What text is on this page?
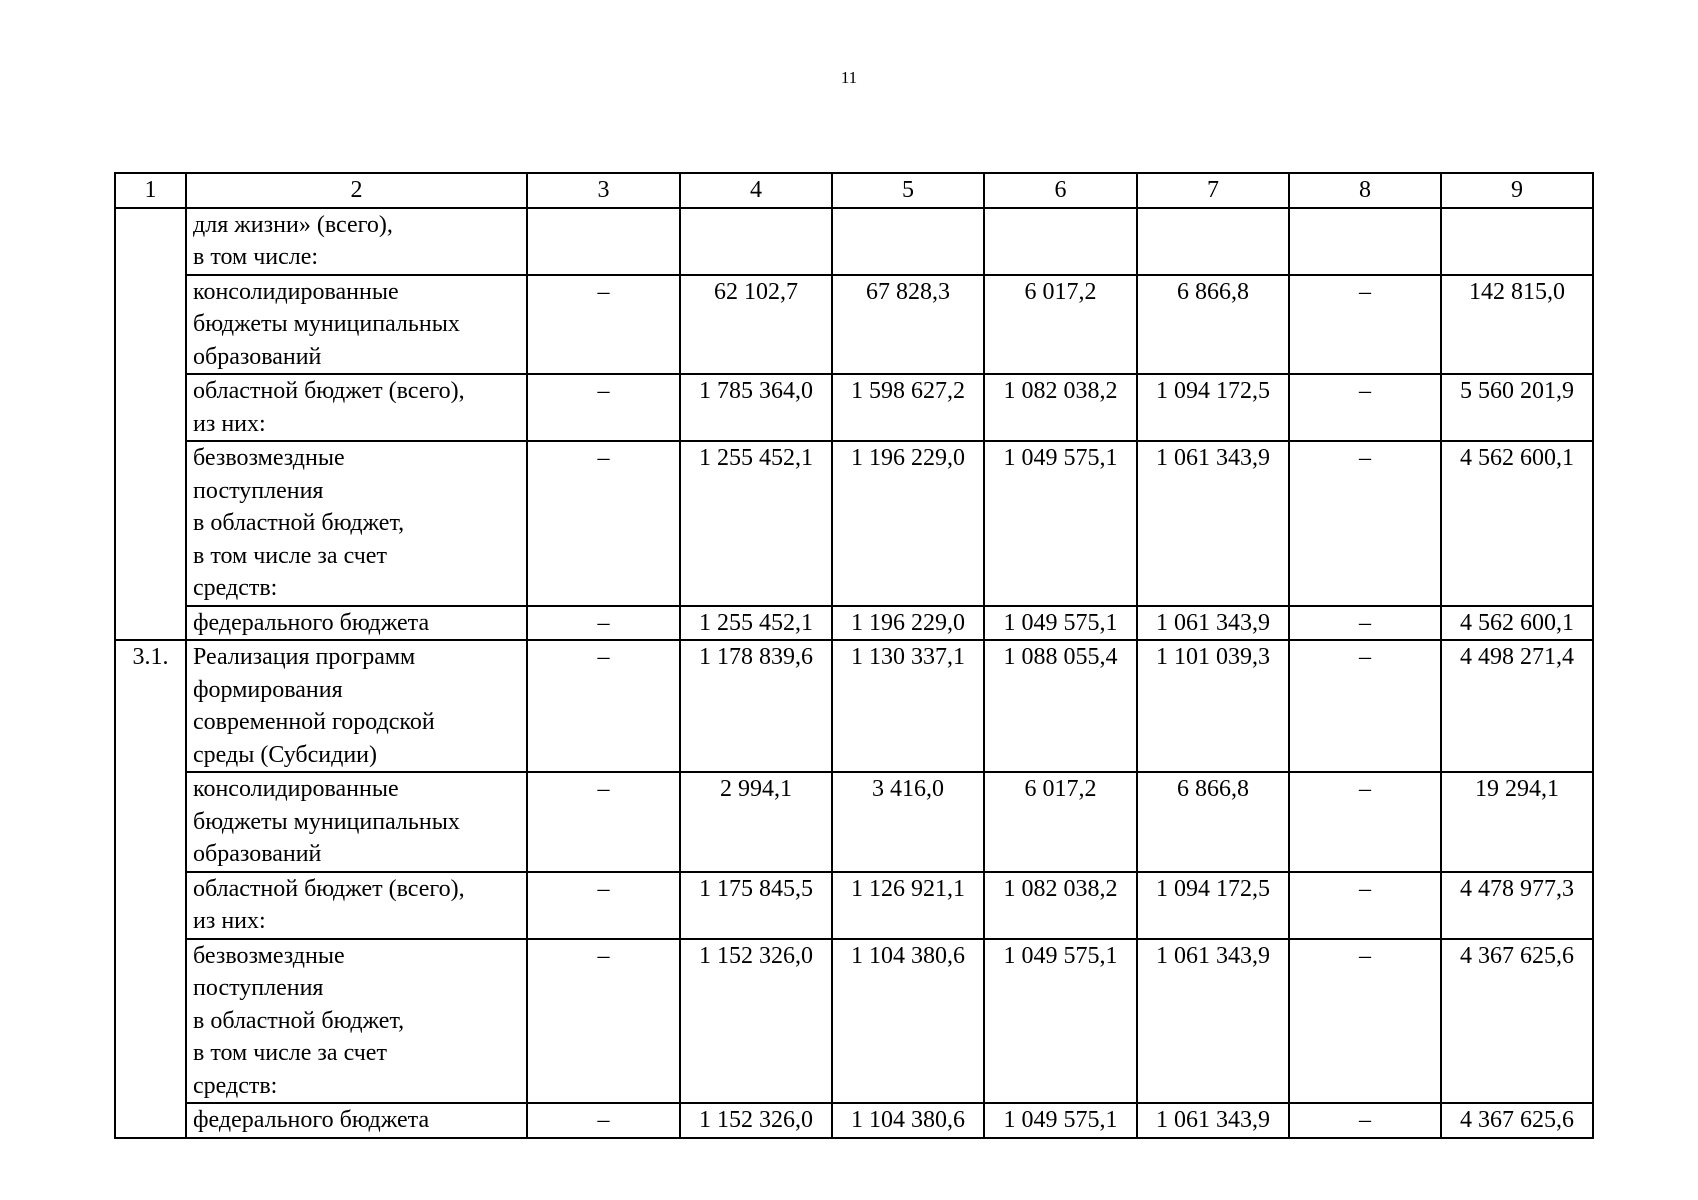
11
1	2	3	4	5	6	7	8	9

	для жизни» (всего),
в том числе:							

	консолидированные
бюджеты муниципальных
образований	–	62 102,7	67 828,3	6 017,2	6 866,8	–	142 815,0

	областной бюджет (всего),
из них:	–	1 785 364,0	1 598 627,2	1 082 038,2	1 094 172,5	–	5 560 201,9

	безвозмездные
поступления
в областной бюджет,
в том числе за счет
средств:	–	1 255 452,1	1 196 229,0	1 049 575,1	1 061 343,9	–	4 562 600,1

	федерального бюджета	–	1 255 452,1	1 196 229,0	1 049 575,1	1 061 343,9	–	4 562 600,1
3.1.	Реализация программ
формирования
современной городской
среды (Субсидии)	–	1 178 839,6	1 130 337,1	1 088 055,4	1 101 039,3	–	4 498 271,4

	консолидированные
бюджеты муниципальных
образований	–	2 994,1	3 416,0	6 017,2	6 866,8	–	19 294,1

	областной бюджет (всего),
из них:	–	1 175 845,5	1 126 921,1	1 082 038,2	1 094 172,5	–	4 478 977,3

	безвозмездные
поступления
в областной бюджет,
в том числе за счет
средств:	–	1 152 326,0	1 104 380,6	1 049 575,1	1 061 343,9	–	4 367 625,6

	федерального бюджета	–	1 152 326,0	1 104 380,6	1 049 575,1	1 061 343,9	–	4 367 625,6
